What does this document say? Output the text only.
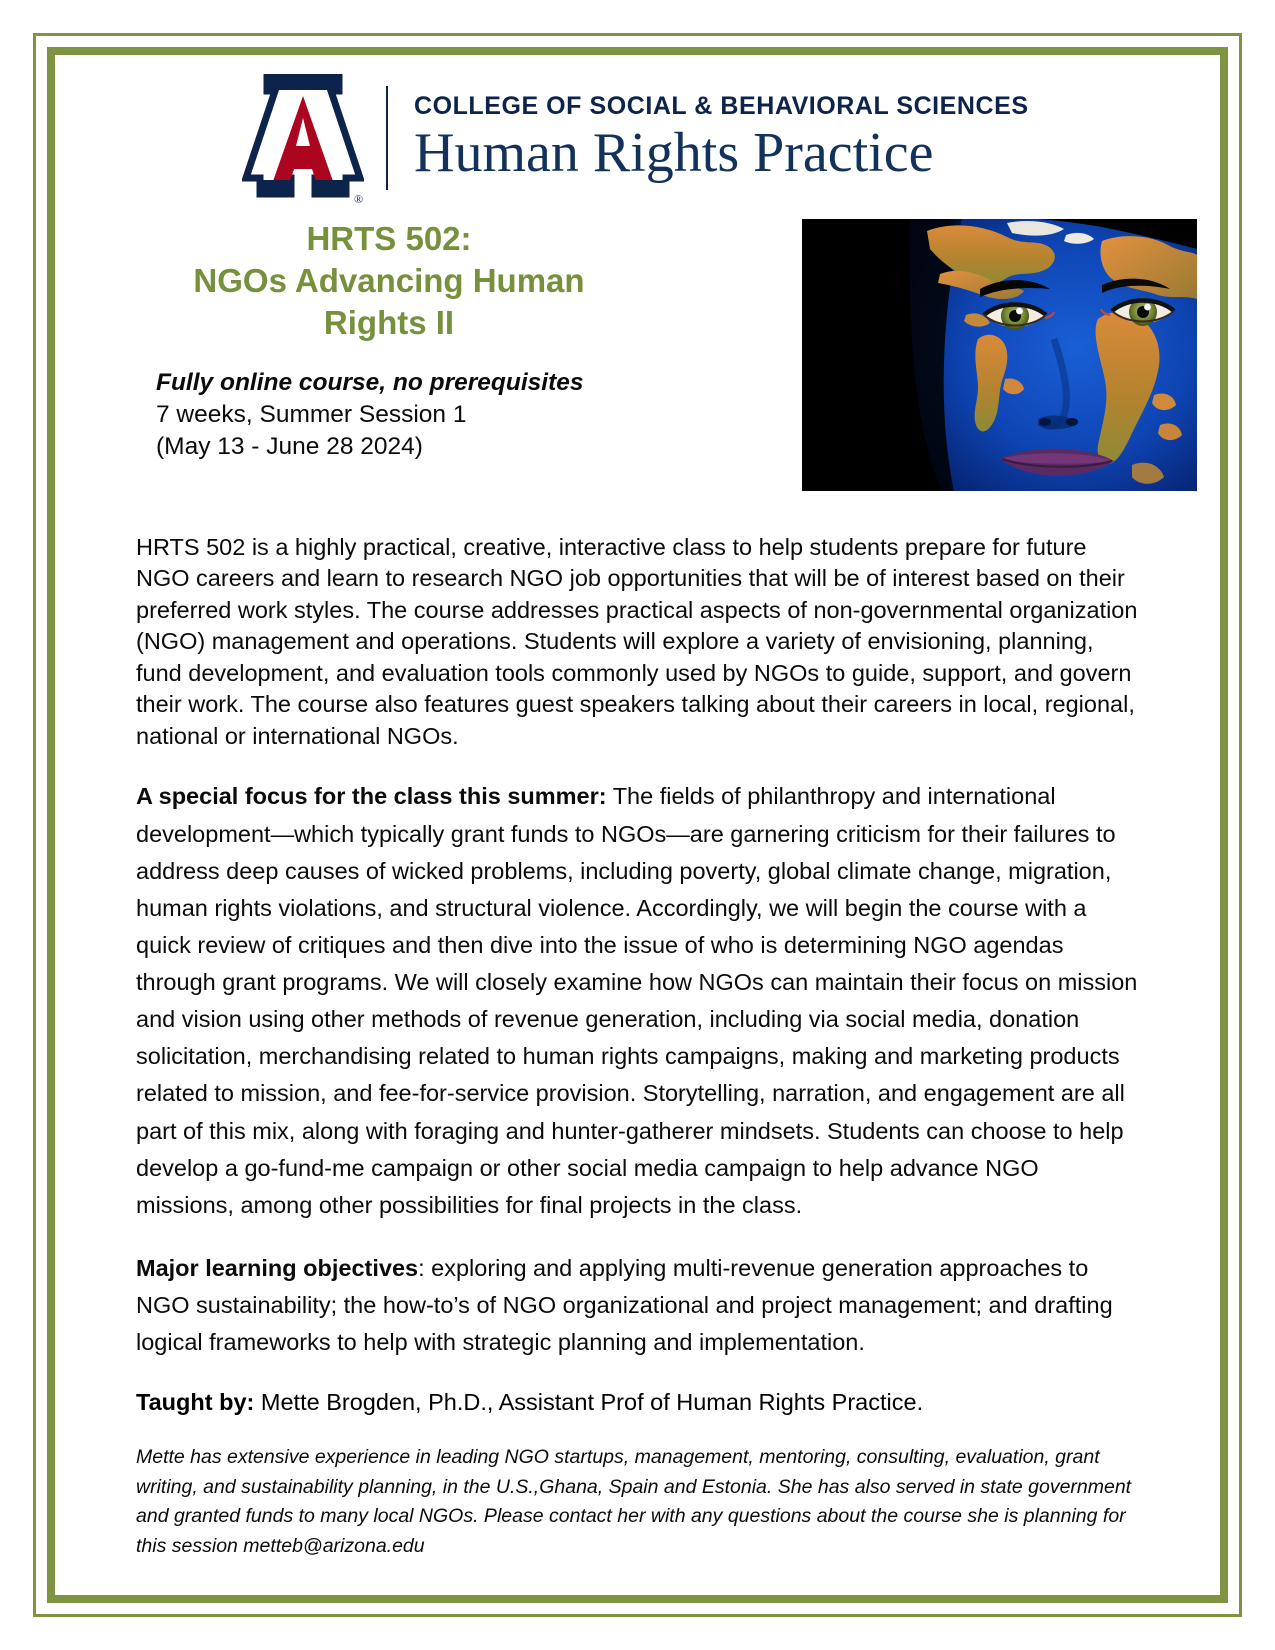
®
COLLEGE OF SOCIAL & BEHAVIORAL SCIENCES
Human Rights Practice
HRTS 502:
NGOs Advancing Human
Rights II
Fully online course, no prerequisites
7 weeks, Summer Session 1
(May 13 - June 28 2024)

HRTS 502 is a highly practical, creative, interactive class to help students prepare for future NGO careers and learn to research NGO job opportunities that will be of interest based on their preferred work styles. The course addresses practical aspects of non-governmental organization (NGO) management and operations. Students will explore a variety of envisioning, planning, fund development, and evaluation tools commonly used by NGOs to guide, support, and govern their work. The course also features guest speakers talking about their careers in local, regional, national or international NGOs.

A special focus for the class this summer: The fields of philanthropy and international development—which typically grant funds to NGOs—are garnering criticism for their failures to address deep causes of wicked problems, including poverty, global climate change, migration, human rights violations, and structural violence. Accordingly, we will begin the course with a quick review of critiques and then dive into the issue of who is determining NGO agendas through grant programs. We will closely examine how NGOs can maintain their focus on mission and vision using other methods of revenue generation, including via social media, donation solicitation, merchandising related to human rights campaigns, making and marketing products related to mission, and fee-for-service provision. Storytelling, narration, and engagement are all part of this mix, along with foraging and hunter-gatherer mindsets. Students can choose to help develop a go-fund-me campaign or other social media campaign to help advance NGO missions, among other possibilities for final projects in the class.

Major learning objectives: exploring and applying multi-revenue generation approaches to NGO sustainability; the how-to’s of NGO organizational and project management; and drafting logical frameworks to help with strategic planning and implementation.

Taught by: Mette Brogden, Ph.D., Assistant Prof of Human Rights Practice.

Mette has extensive experience in leading NGO startups, management, mentoring, consulting, evaluation, grant writing, and sustainability planning, in the U.S.,Ghana, Spain and Estonia. She has also served in state government and granted funds to many local NGOs. Please contact her with any questions about the course she is planning for this session metteb@arizona.edu
